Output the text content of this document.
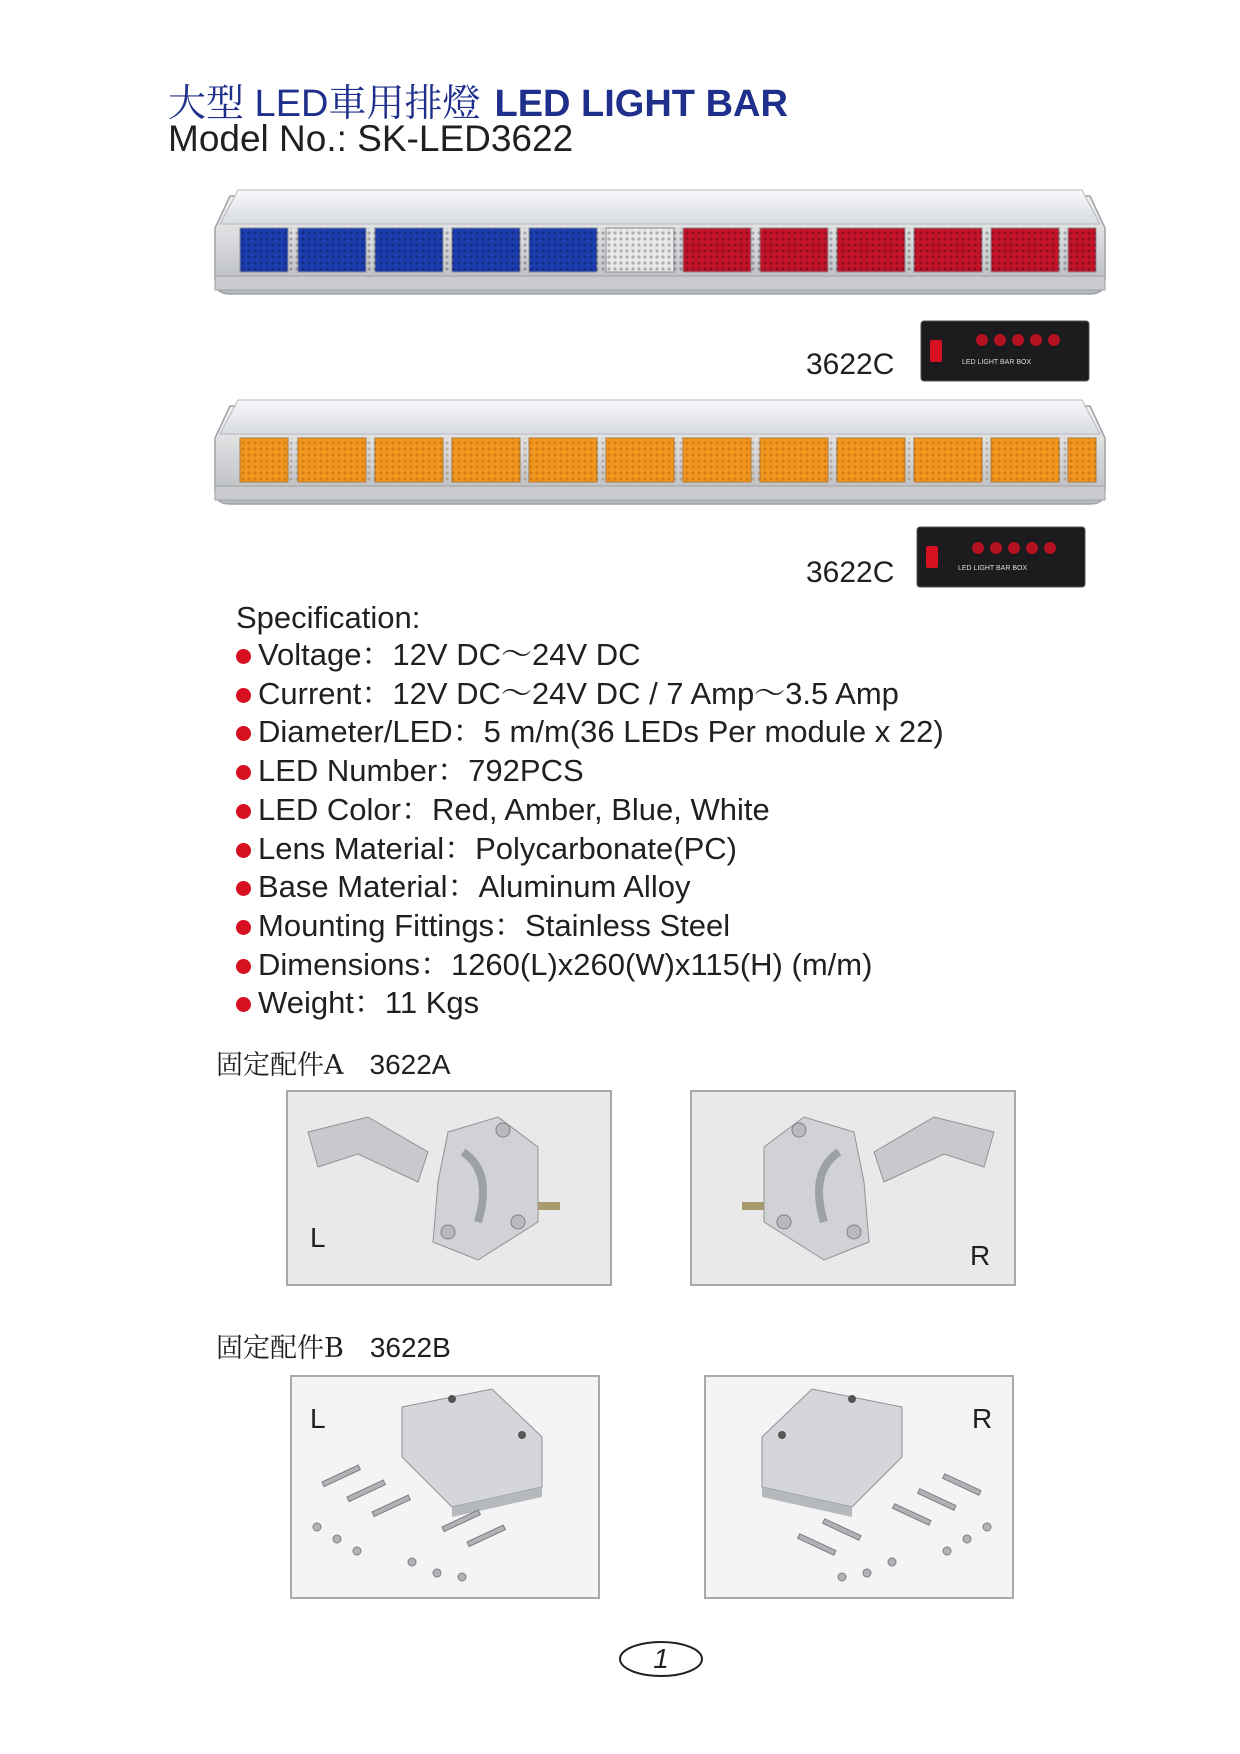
大型 LED車用排燈 LED LIGHT BAR
Model No.: SK-LED3622
3622C	LED LIGHT BAR BOX
3622C	LED LIGHT BAR BOX
Specification:
Voltage：12V DC～24V DC
Current：12V DC～24V DC / 7 Amp～3.5 Amp
Diameter/LED：5 m/m(36 LEDs Per module x 22)
LED Number：792PCS
LED Color：Red, Amber, Blue, White
Lens Material：Polycarbonate(PC)
Base Material：Aluminum Alloy
Mounting Fittings：Stainless Steel
Dimensions：1260(L)x260(W)x115(H) (m/m)
Weight：11 Kgs
固定配件A 3622A
L
R
固定配件B 3622B
L	R
1
